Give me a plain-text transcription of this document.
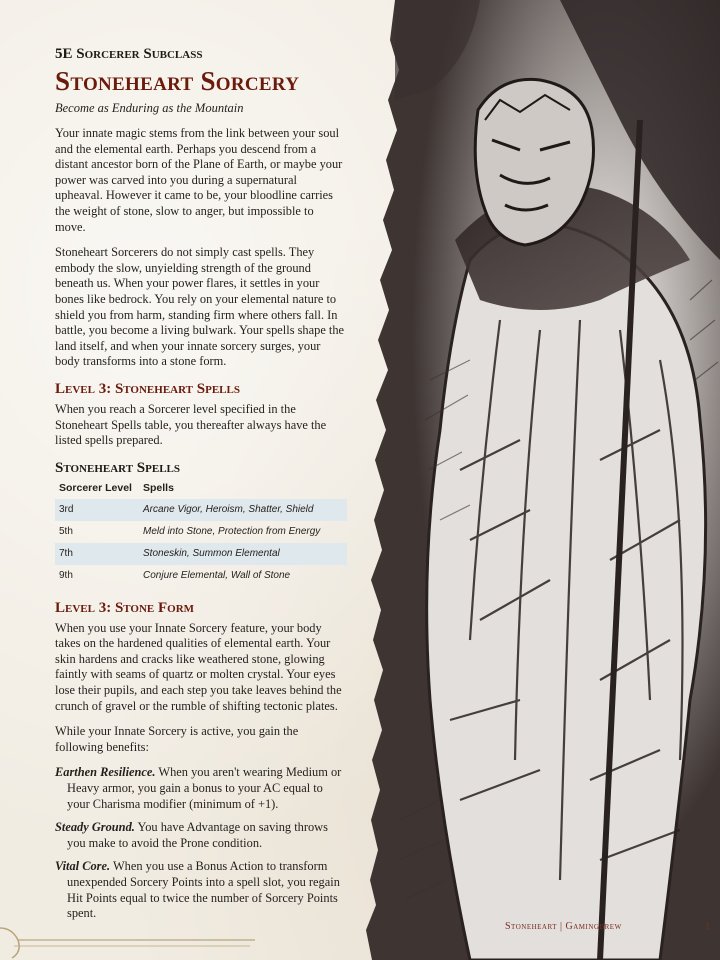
5E Sorcerer Subclass
Stoneheart Sorcery
Become as Enduring as the Mountain

Your innate magic stems from the link between your soul and the elemental earth. Perhaps you descend from a distant ancestor born of the Plane of Earth, or maybe your power was carved into you during a supernatural upheaval. However it came to be, your bloodline carries the weight of stone, slow to anger, but impossible to move.

Stoneheart Sorcerers do not simply cast spells. They embody the slow, unyielding strength of the ground beneath us. When your power flares, it settles in your bones like bedrock. You rely on your elemental nature to shield you from harm, standing firm where others fall. In battle, you become a living bulwark. Your spells shape the land itself, and when your innate sorcery surges, your body transforms into a stone form.

Level 3: Stoneheart Spells

When you reach a Sorcerer level specified in the Stoneheart Spells table, you thereafter always have the listed spells prepared.

Stoneheart Spells
Sorcerer Level	Spells
3rd	Arcane Vigor, Heroism, Shatter, Shield
5th	Meld into Stone, Protection from Energy
7th	Stoneskin, Summon Elemental
9th	Conjure Elemental, Wall of Stone
Level 3: Stone Form

When you use your Innate Sorcery feature, your body takes on the hardened qualities of elemental earth. Your skin hardens and cracks like weathered stone, glowing faintly with seams of quartz or molten crystal. Your eyes lose their pupils, and each step you take leaves behind the crunch of gravel or the rumble of shifting tectonic plates.

While your Innate Sorcery is active, you gain the following benefits:

Earthen Resilience. When you aren't wearing Medium or Heavy armor, you gain a bonus to your AC equal to your Charisma modifier (minimum of +1).

Steady Ground. You have Advantage on saving throws you make to avoid the Prone condition.

Vital Core. When you use a Bonus Action to transform unexpended Sorcery Points into a spell slot, you regain Hit Points equal to twice the number of Sorcery Points spent.

Stoneheart | Gamingbrew	1
